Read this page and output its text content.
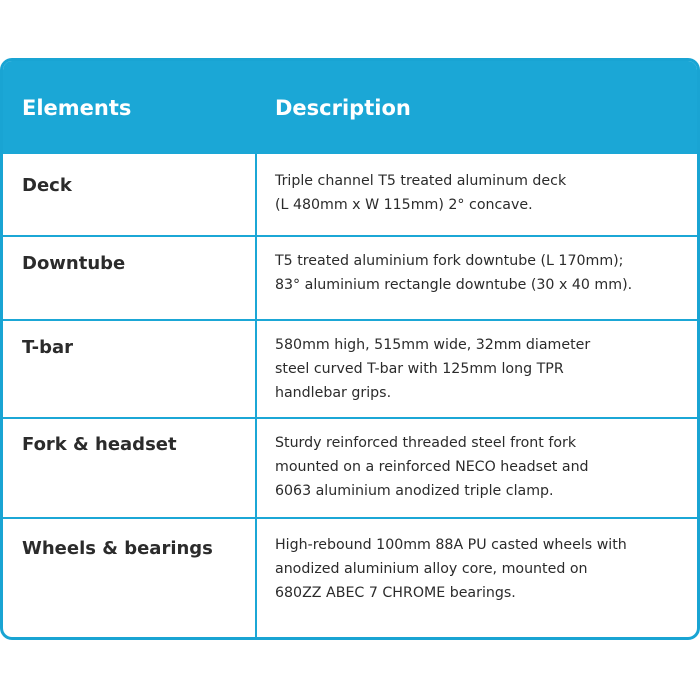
Elements	Description
Deck	Triple channel T5 treated aluminum deck
(L 480mm x W 115mm) 2° concave.
Downtube	T5 treated aluminium fork downtube (L 170mm);
83° aluminium rectangle downtube (30 x 40 mm).
T-bar	580mm high, 515mm wide, 32mm diameter
steel curved T-bar with 125mm long TPR
handlebar grips.
Fork & headset	Sturdy reinforced threaded steel front fork
mounted on a reinforced NECO headset and
6063 aluminium anodized triple clamp.
Wheels & bearings	High-rebound 100mm 88A PU casted wheels with
anodized aluminium alloy core, mounted on
680ZZ ABEC 7 CHROME bearings.
